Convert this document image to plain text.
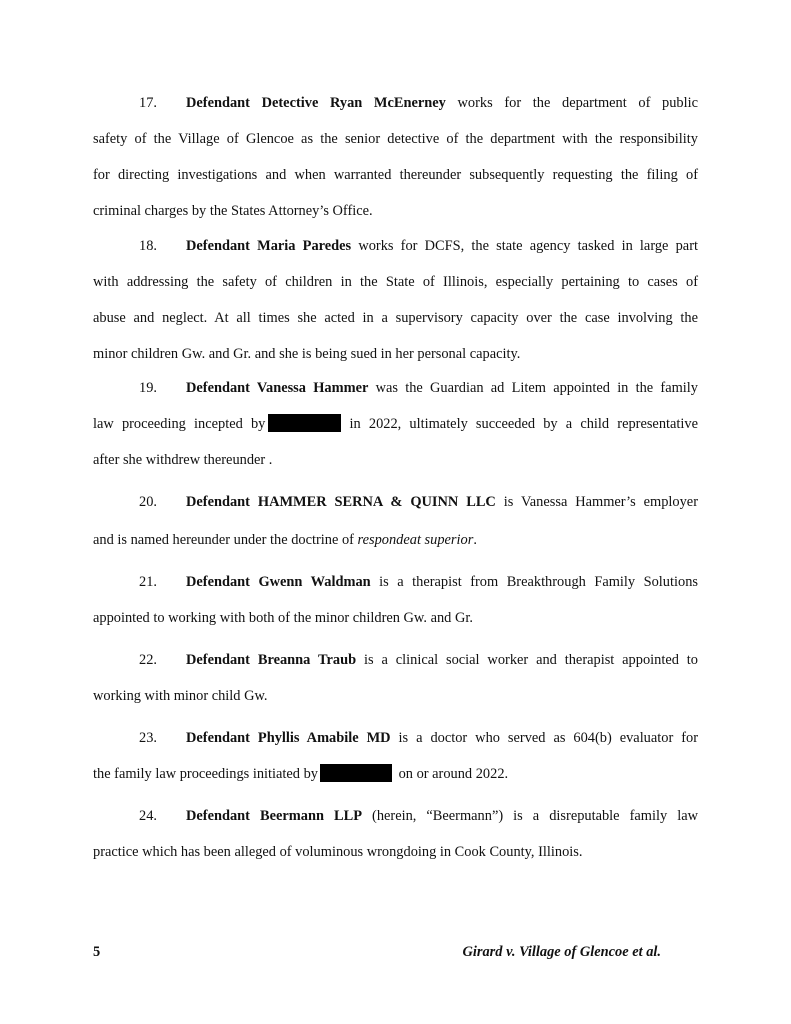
17. Defendant Detective Ryan McEnerney works for the department of public
safety of the Village of Glencoe as the senior detective of the department with the responsibility
for directing investigations and when warranted thereunder subsequently requesting the filing of
criminal charges by the States Attorney’s Office.
18. Defendant Maria Paredes works for DCFS, the state agency tasked in large part
with addressing the safety of children in the State of Illinois, especially pertaining to cases of
abuse and neglect. At all times she acted in a supervisory capacity over the case involving the
minor children Gw. and Gr. and she is being sued in her personal capacity.
19. Defendant Vanessa Hammer was the Guardian ad Litem appointed in the family
law proceeding incepted by	in 2022, ultimately succeeded by a child representative
after she withdrew thereunder .
20. Defendant HAMMER SERNA & QUINN LLC is Vanessa Hammer’s employer
and is named hereunder under the doctrine of respondeat superior.
21. Defendant Gwenn Waldman is a therapist from Breakthrough Family Solutions
appointed to working with both of the minor children Gw. and Gr.
22. Defendant Breanna Traub is a clinical social worker and therapist appointed to
working with minor child Gw.
23. Defendant Phyllis Amabile MD is a doctor who served as 604(b) evaluator for
the family law proceedings initiated by	on or around 2022.
24. Defendant Beermann LLP (herein, “Beermann”) is a disreputable family law
practice which has been alleged of voluminous wrongdoing in Cook County, Illinois.
5	Girard v. Village of Glencoe et al.
